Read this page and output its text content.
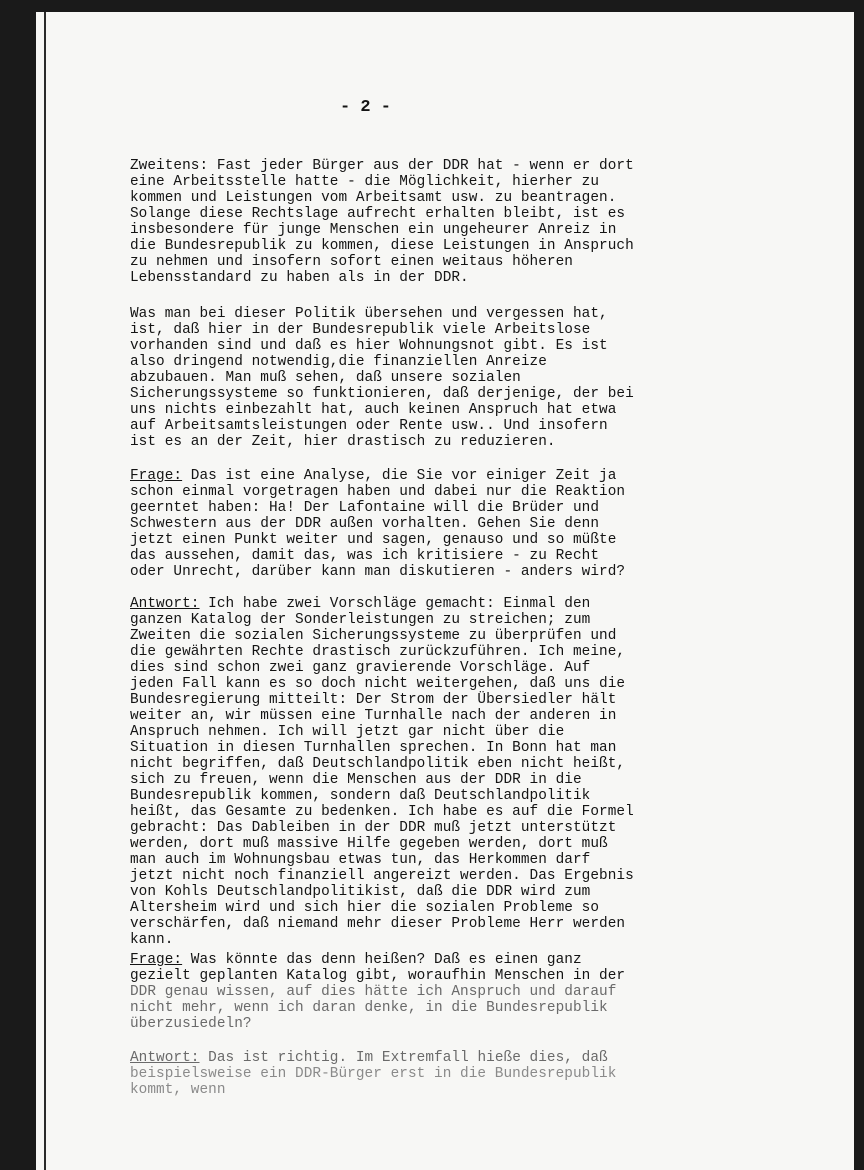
- 2 -
Zweitens: Fast jeder Bürger aus der DDR hat - wenn er dort
eine Arbeitsstelle hatte - die Möglichkeit, hierher zu
kommen und Leistungen vom Arbeitsamt usw. zu beantragen.
Solange diese Rechtslage aufrecht erhalten bleibt, ist es
insbesondere für junge Menschen ein ungeheurer Anreiz in
die Bundesrepublik zu kommen, diese Leistungen in Anspruch
zu nehmen und insofern sofort einen weitaus höheren
Lebensstandard zu haben als in der DDR.
Was man bei dieser Politik übersehen und vergessen hat,
ist, daß hier in der Bundesrepublik viele Arbeitslose
vorhanden sind und daß es hier Wohnungsnot gibt. Es ist
also dringend notwendig,die finanziellen Anreize
abzubauen. Man muß sehen, daß unsere sozialen
Sicherungssysteme so funktionieren, daß derjenige, der bei
uns nichts einbezahlt hat, auch keinen Anspruch hat etwa
auf Arbeitsamtsleistungen oder Rente usw.. Und insofern
ist es an der Zeit, hier drastisch zu reduzieren.
Frage: Das ist eine Analyse, die Sie vor einiger Zeit ja
schon einmal vorgetragen haben und dabei nur die Reaktion
geerntet haben: Ha! Der Lafontaine will die Brüder und
Schwestern aus der DDR außen vorhalten. Gehen Sie denn
jetzt einen Punkt weiter und sagen, genauso und so müßte
das aussehen, damit das, was ich kritisiere - zu Recht
oder Unrecht, darüber kann man diskutieren - anders wird?
Antwort: Ich habe zwei Vorschläge gemacht: Einmal den
ganzen Katalog der Sonderleistungen zu streichen; zum
Zweiten die sozialen Sicherungssysteme zu überprüfen und
die gewährten Rechte drastisch zurückzuführen. Ich meine,
dies sind schon zwei ganz gravierende Vorschläge. Auf
jeden Fall kann es so doch nicht weitergehen, daß uns die
Bundesregierung mitteilt: Der Strom der Übersiedler hält
weiter an, wir müssen eine Turnhalle nach der anderen in
Anspruch nehmen. Ich will jetzt gar nicht über die
Situation in diesen Turnhallen sprechen. In Bonn hat man
nicht begriffen, daß Deutschlandpolitik eben nicht heißt,
sich zu freuen, wenn die Menschen aus der DDR in die
Bundesrepublik kommen, sondern daß Deutschlandpolitik
heißt, das Gesamte zu bedenken. Ich habe es auf die Formel
gebracht: Das Dableiben in der DDR muß jetzt unterstützt
werden, dort muß massive Hilfe gegeben werden, dort muß
man auch im Wohnungsbau etwas tun, das Herkommen darf
jetzt nicht noch finanziell angereizt werden. Das Ergebnis
von Kohls Deutschlandpolitikist, daß die DDR wird zum
Altersheim wird und sich hier die sozialen Probleme so
verschärfen, daß niemand mehr dieser Probleme Herr werden
kann.
Frage: Was könnte das denn heißen? Daß es einen ganz
gezielt geplanten Katalog gibt, woraufhin Menschen in der
DDR genau wissen, auf dies hätte ich Anspruch und darauf
nicht mehr, wenn ich daran denke, in die Bundesrepublik
überzusiedeln?
Antwort: Das ist richtig. Im Extremfall hieße dies, daß
beispielsweise ein DDR-Bürger erst in die Bundesrepublik
kommt, wenn
